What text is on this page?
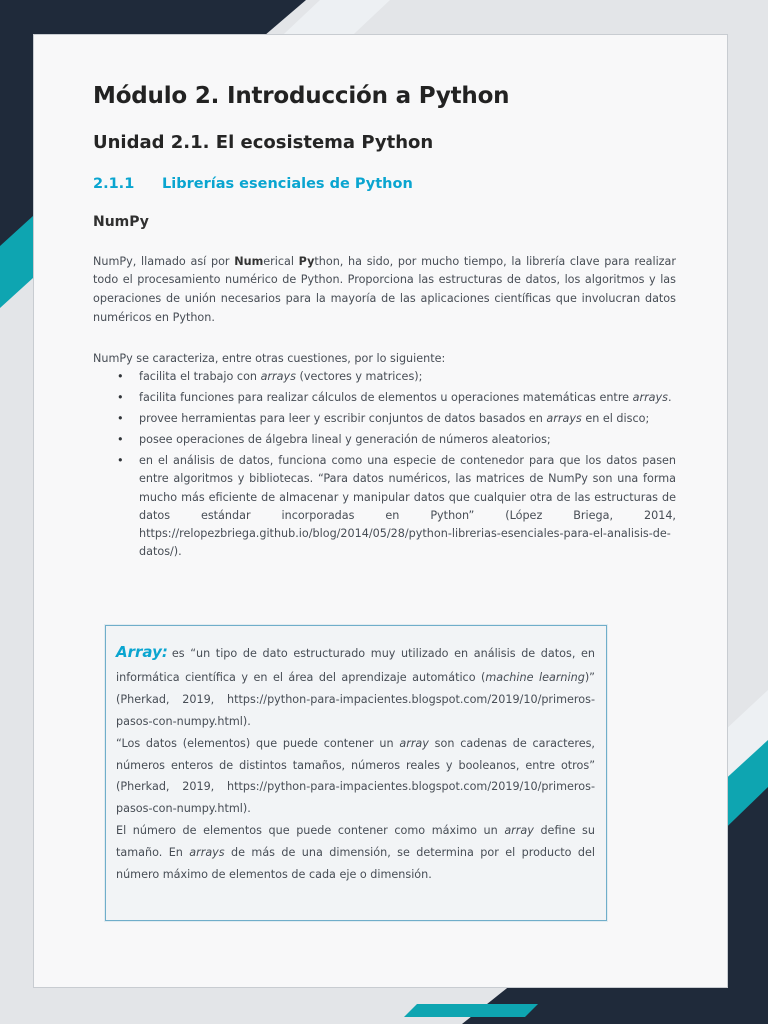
Módulo 2. Introducción a Python
Unidad 2.1. El ecosistema Python
2.1.1	Librerías esenciales de Python
NumPy

NumPy, llamado así por Numerical Python, ha sido, por mucho tiempo, la librería clave para realizar todo el procesamiento numérico de Python. Proporciona las estructuras de datos, los algoritmos y las operaciones de unión necesarios para la mayoría de las aplicaciones científicas que involucran datos numéricos en Python.

NumPy se caracteriza, entre otras cuestiones, por lo siguiente:

• facilita el trabajo con arrays (vectores y matrices);
• facilita funciones para realizar cálculos de elementos u operaciones matemáticas entre arrays.
• provee herramientas para leer y escribir conjuntos de datos basados en arrays en el disco;
• posee operaciones de álgebra lineal y generación de números aleatorios;
• en el análisis de datos, funciona como una especie de contenedor para que los datos pasen entre algoritmos y bibliotecas. “Para datos numéricos, las matrices de NumPy son una forma mucho más eficiente de almacenar y manipular datos que cualquier otra de las estructuras de datos estándar incorporadas en Python” (López Briega, 2014, https://relopezbriega.github.io/blog/2014/05/28/python-librerias-esenciales-para-el-analisis-de-datos/).

Array: es “un tipo de dato estructurado muy utilizado en análisis de datos, en informática científica y en el área del aprendizaje automático (machine learning)” (Pherkad, 2019, https://python-para-impacientes.blogspot.com/2019/10/primeros-pasos-con-numpy.html).

“Los datos (elementos) que puede contener un array son cadenas de caracteres, números enteros de distintos tamaños, números reales y booleanos, entre otros” (Pherkad, 2019, https://python-para-impacientes.blogspot.com/2019/10/primeros-pasos-con-numpy.html).

El número de elementos que puede contener como máximo un array define su tamaño. En arrays de más de una dimensión, se determina por el producto del número máximo de elementos de cada eje o dimensión.
